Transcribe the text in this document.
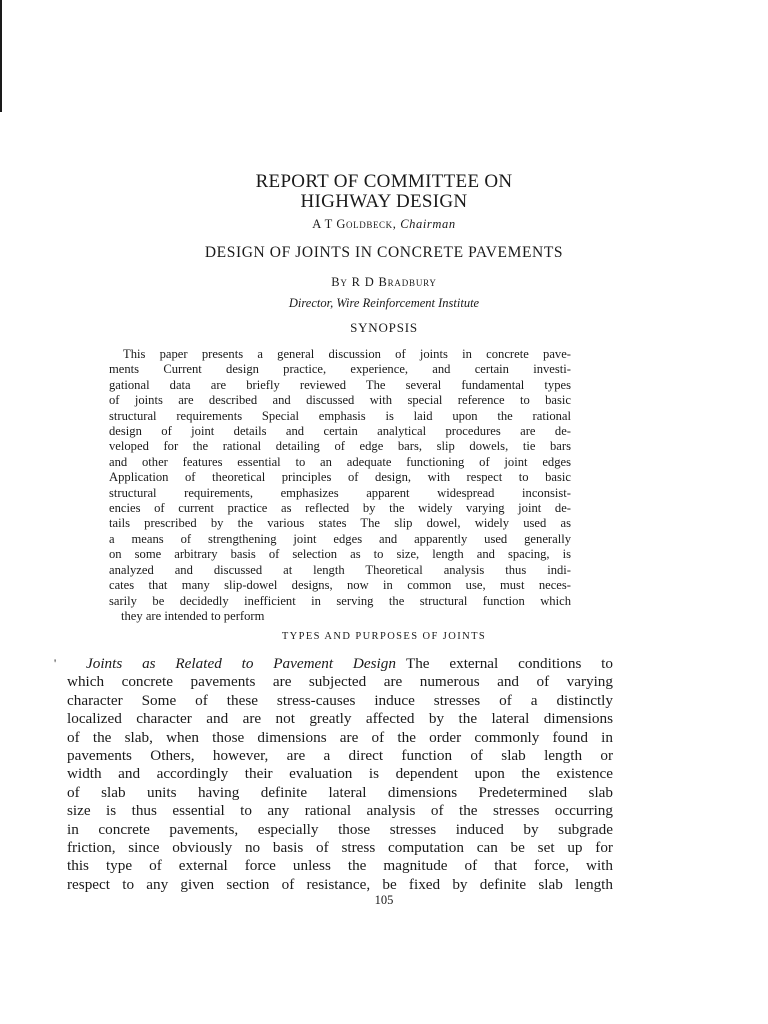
REPORT OF COMMITTEE ON
HIGHWAY DESIGN
A T Goldbeck, Chairman
DESIGN OF JOINTS IN CONCRETE PAVEMENTS
By R D Bradbury
Director, Wire Reinforcement Institute
SYNOPSIS
This paper presents a general discussion of joints in concrete pave-
ments Current design practice, experience, and certain investi-
gational data are briefly reviewed The several fundamental types
of joints are described and discussed with special reference to basic
structural requirements Special emphasis is laid upon the rational
design of joint details and certain analytical procedures are de-
veloped for the rational detailing of edge bars, slip dowels, tie bars
and other features essential to an adequate functioning of joint edges
Application of theoretical principles of design, with respect to basic
structural requirements, emphasizes apparent widespread inconsist-
encies of current practice as reflected by the widely varying joint de-
tails prescribed by the various states The slip dowel, widely used as
a means of strengthening joint edges and apparently used generally
on some arbitrary basis of selection as to size, length and spacing, is
analyzed and discussed at length Theoretical analysis thus indi-
cates that many slip-dowel designs, now in common use, must neces-
sarily be decidedly inefficient in serving the structural function which
they are intended to perform
TYPES AND PURPOSES OF JOINTS
'	Joints as Related to Pavement Design The external conditions to
which concrete pavements are subjected are numerous and of varying
character Some of these stress-causes induce stresses of a distinctly
localized character and are not greatly affected by the lateral dimensions
of the slab, when those dimensions are of the order commonly found in
pavements Others, however, are a direct function of slab length or
width and accordingly their evaluation is dependent upon the existence
of slab units having definite lateral dimensions Predetermined slab
size is thus essential to any rational analysis of the stresses occurring
in concrete pavements, especially those stresses induced by subgrade
friction, since obviously no basis of stress computation can be set up for
this type of external force unless the magnitude of that force, with
respect to any given section of resistance, be fixed by definite slab length
105
